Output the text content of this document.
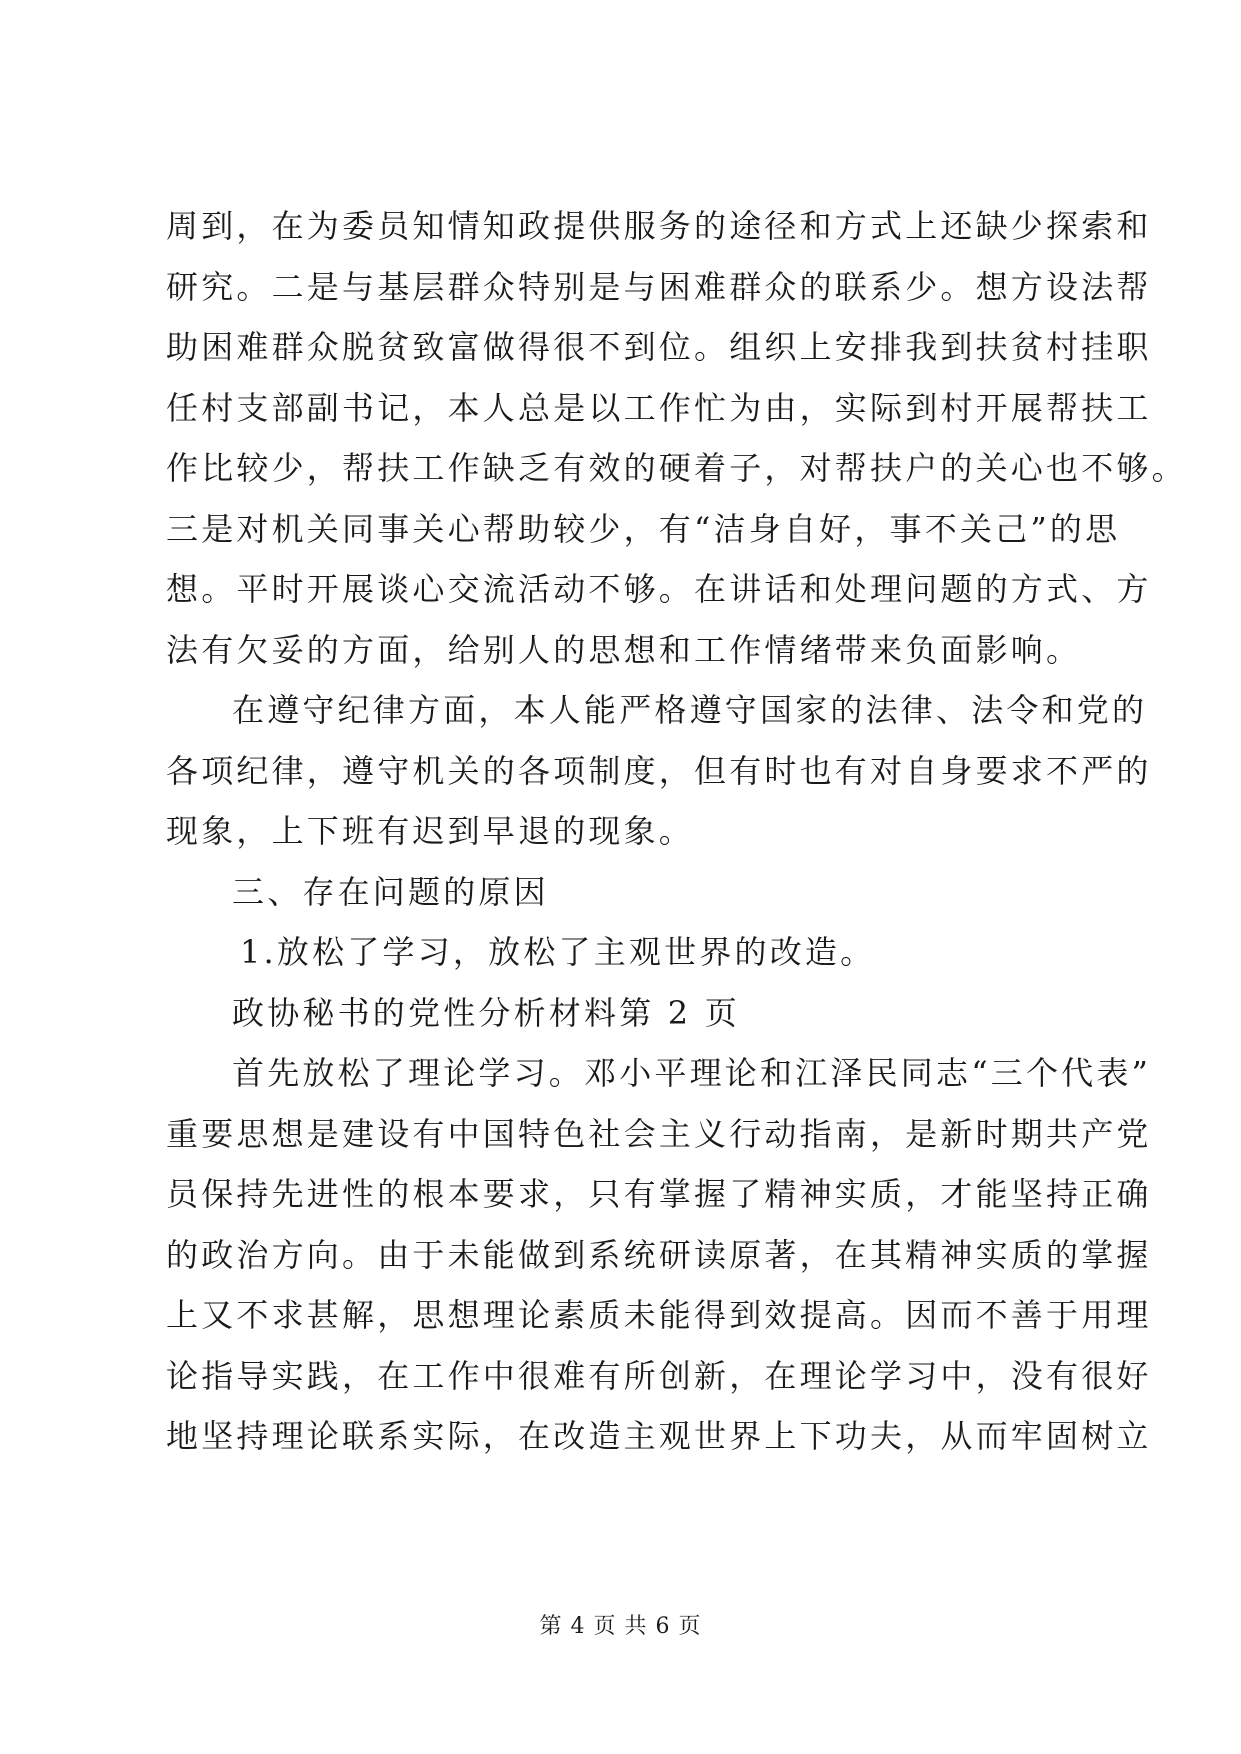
周到，在为委员知情知政提供服务的途径和方式上还缺少探索和
研究。二是与基层群众特别是与困难群众的联系少。想方设法帮
助困难群众脱贫致富做得很不到位。组织上安排我到扶贫村挂职
任村支部副书记，本人总是以工作忙为由，实际到村开展帮扶工
作比较少，帮扶工作缺乏有效的硬着子，对帮扶户的关心也不够。
三是对机关同事关心帮助较少，有“洁身自好，事不关己”的思
想。平时开展谈心交流活动不够。在讲话和处理问题的方式、方
法有欠妥的方面，给别人的思想和工作情绪带来负面影响。
在遵守纪律方面，本人能严格遵守国家的法律、法令和党的
各项纪律，遵守机关的各项制度，但有时也有对自身要求不严的
现象，上下班有迟到早退的现象。
三、存在问题的原因
1.放松了学习，放松了主观世界的改造。
政协秘书的党性分析材料第 2 页
首先放松了理论学习。邓小平理论和江泽民同志“三个代表”
重要思想是建设有中国特色社会主义行动指南，是新时期共产党
员保持先进性的根本要求，只有掌握了精神实质，才能坚持正确
的政治方向。由于未能做到系统研读原著，在其精神实质的掌握
上又不求甚解，思想理论素质未能得到效提高。因而不善于用理
论指导实践，在工作中很难有所创新，在理论学习中，没有很好
地坚持理论联系实际，在改造主观世界上下功夫，从而牢固树立
第 4 页 共 6 页
